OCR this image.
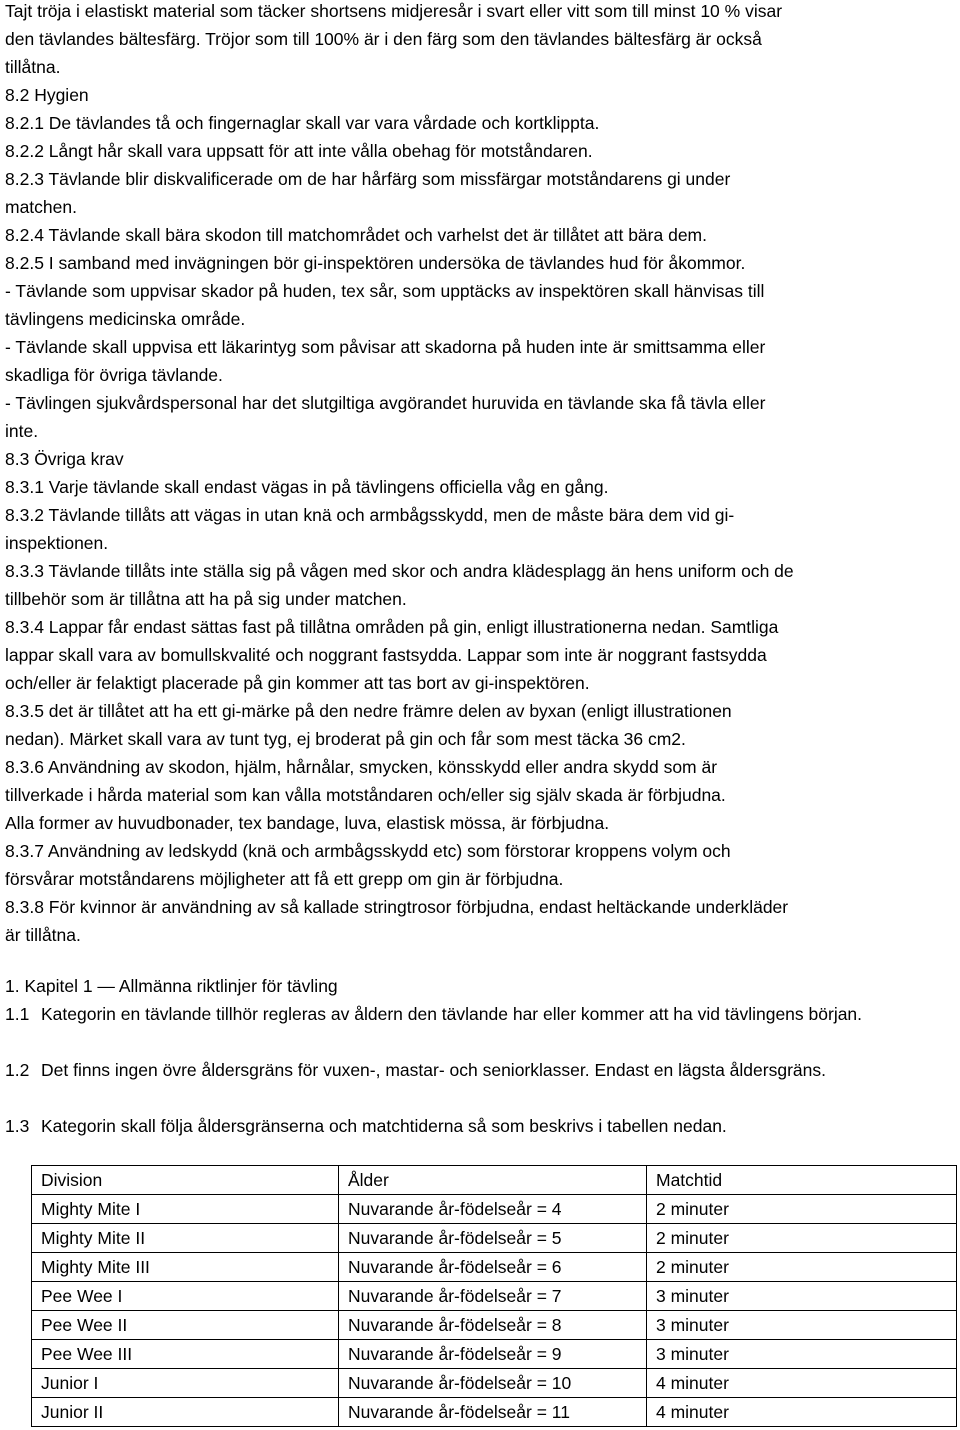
Tajt tröja i elastiskt material som täcker shortsens midjeresår i svart eller vitt som till minst 10 % visar

den tävlandes bältesfärg. Tröjor som till 100% är i den färg som den tävlandes bältesfärg är också

tillåtna.

8.2 Hygien

8.2.1 De tävlandes tå och fingernaglar skall var vara vårdade och kortklippta.

8.2.2 Långt hår skall vara uppsatt för att inte vålla obehag för motståndaren.

8.2.3 Tävlande blir diskvalificerade om de har hårfärg som missfärgar motståndarens gi under

matchen.

8.2.4 Tävlande skall bära skodon till matchområdet och varhelst det är tillåtet att bära dem.

8.2.5 I samband med invägningen bör gi-inspektören undersöka de tävlandes hud för åkommor.

- Tävlande som uppvisar skador på huden, tex sår, som upptäcks av inspektören skall hänvisas till

tävlingens medicinska område.

- Tävlande skall uppvisa ett läkarintyg som påvisar att skadorna på huden inte är smittsamma eller

skadliga för övriga tävlande.

- Tävlingen sjukvårdspersonal har det slutgiltiga avgörandet huruvida en tävlande ska få tävla eller

inte.

8.3 Övriga krav

8.3.1 Varje tävlande skall endast vägas in på tävlingens officiella våg en gång.

8.3.2 Tävlande tillåts att vägas in utan knä och armbågsskydd, men de måste bära dem vid gi-

inspektionen.

8.3.3 Tävlande tillåts inte ställa sig på vågen med skor och andra klädesplagg än hens uniform och de

tillbehör som är tillåtna att ha på sig under matchen.

8.3.4 Lappar får endast sättas fast på tillåtna områden på gin, enligt illustrationerna nedan. Samtliga

lappar skall vara av bomullskvalité och noggrant fastsydda. Lappar som inte är noggrant fastsydda

och/eller är felaktigt placerade på gin kommer att tas bort av gi-inspektören.

8.3.5 det är tillåtet att ha ett gi-märke på den nedre främre delen av byxan (enligt illustrationen

nedan). Märket skall vara av tunt tyg, ej broderat på gin och får som mest täcka 36 cm2.

8.3.6 Användning av skodon, hjälm, hårnålar, smycken, könsskydd eller andra skydd som är

tillverkade i hårda material som kan vålla motståndaren och/eller sig själv skada är förbjudna.

Alla former av huvudbonader, tex bandage, luva, elastisk mössa, är förbjudna.

8.3.7 Användning av ledskydd (knä och armbågsskydd etc) som förstorar kroppens volym och

försvårar motståndarens möjligheter att få ett grepp om gin är förbjudna.

8.3.8 För kvinnor är användning av så kallade stringtrosor förbjudna, endast heltäckande underkläder

är tillåtna.

1. Kapitel 1 — Allmänna riktlinjer för tävling

1.1 Kategorin en tävlande tillhör regleras av åldern den tävlande har eller kommer att ha vid tävlingens början.

1.2 Det finns ingen övre åldersgräns för vuxen-, mastar- och seniorklasser. Endast en lägsta åldersgräns.

1.3 Kategorin skall följa åldersgränserna och matchtiderna så som beskrivs i tabellen nedan.

Division	Ålder	Matchtid
Mighty Mite I	Nuvarande år-födelseår = 4	2 minuter
Mighty Mite II	Nuvarande år-födelseår = 5	2 minuter
Mighty Mite III	Nuvarande år-födelseår = 6	2 minuter
Pee Wee I	Nuvarande år-födelseår = 7	3 minuter
Pee Wee II	Nuvarande år-födelseår = 8	3 minuter
Pee Wee III	Nuvarande år-födelseår = 9	3 minuter
Junior I	Nuvarande år-födelseår = 10	4 minuter
Junior II	Nuvarande år-födelseår = 11	4 minuter
